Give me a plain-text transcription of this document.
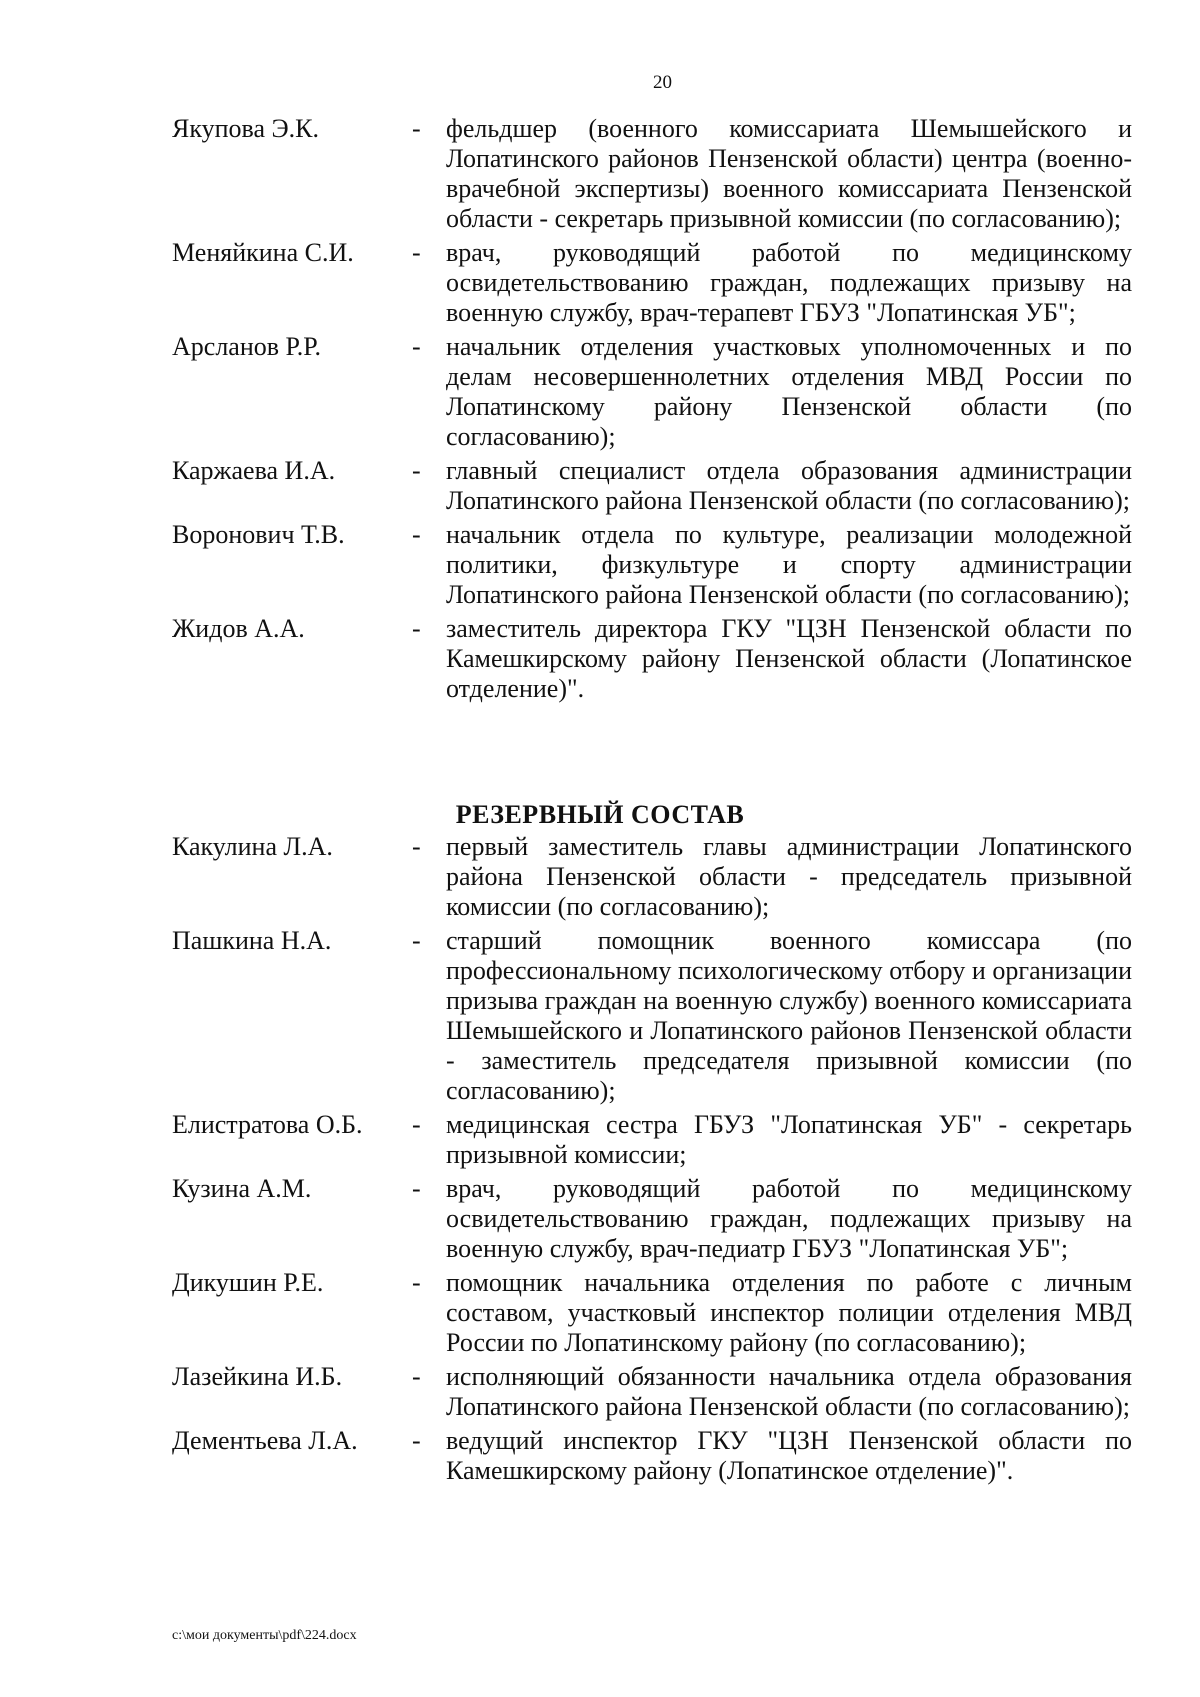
20
Якупова Э.К.	- фельдшер (военного комиссариата Шемышейского и Лопатинского районов Пензенской области) центра (военно-врачебной экспертизы) военного комиссариата Пензенской области - секретарь призывной комиссии (по согласованию);

Меняйкина С.И. - врач, руководящий работой по медицинскому освидетельствованию граждан, подлежащих призыву на военную службу, врач-терапевт ГБУЗ "Лопатинская УБ";

Арсланов Р.Р.	- начальник отделения участковых уполномоченных и по делам несовершеннолетних отделения МВД России по Лопатинскому району Пензенской области (по согласованию);

Каржаева И.А.	- главный специалист отдела образования администрации Лопатинского района Пензенской области (по согласованию);

Воронович Т.В.	- начальник отдела по культуре, реализации молодежной политики, физкультуре и спорту администрации Лопатинского района Пензенской области (по согласованию);

Жидов А.А.	- заместитель директора ГКУ "ЦЗН Пензенской области по Камешкирскому району Пензенской области (Лопатинское отделение)".

РЕЗЕРВНЫЙ СОСТАВ
Какулина Л.А.	- первый заместитель главы администрации Лопатинского района Пензенской области - председатель призывной комиссии (по согласованию);

Пашкина Н.А.	- старший помощник военного комиссара (по профессиональному психологическому отбору и организации призыва граждан на военную службу) военного комиссариата Шемышейского и Лопатинского районов Пензенской области - заместитель председателя призывной комиссии (по согласованию);

Елистратова О.Б. - медицинская сестра ГБУЗ "Лопатинская УБ" - секретарь призывной комиссии;

Кузина А.М.	- врач, руководящий работой по медицинскому освидетельствованию граждан, подлежащих призыву на военную службу, врач-педиатр ГБУЗ "Лопатинская УБ";

Дикушин Р.Е.	- помощник начальника отделения по работе с личным составом, участковый инспектор полиции отделения МВД России по Лопатинскому району (по согласованию);

Лазейкина И.Б.	- исполняющий обязанности начальника отдела образования Лопатинского района Пензенской области (по согласованию);

Дементьева Л.А. - ведущий инспектор ГКУ "ЦЗН Пензенской области по Камешкирскому району (Лопатинское отделение)".

c:\мои документы\pdf\224.docx
